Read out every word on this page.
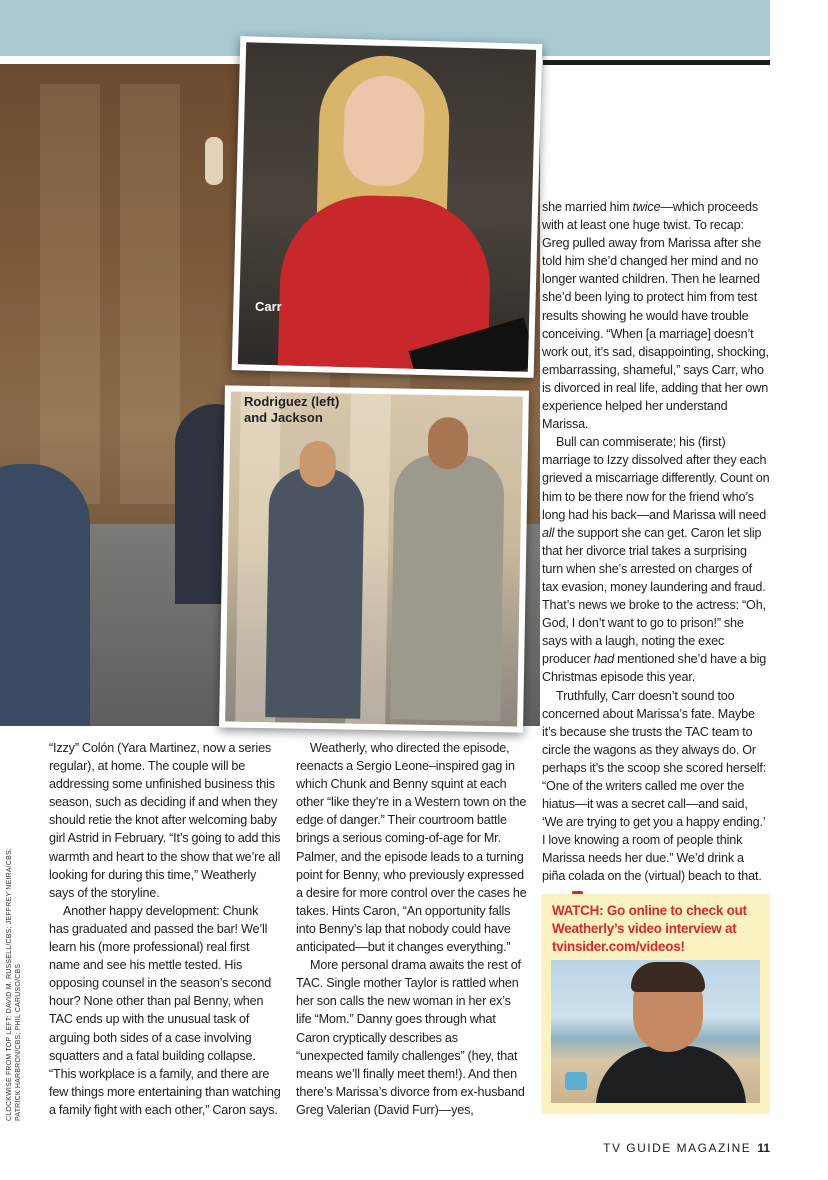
Carr
Rodriguez (left) and Jackson

“Izzy” Colón (Yara Martinez, now a series regular), at home. The couple will be addressing some unfinished business this season, such as deciding if and when they should retie the knot after welcoming baby girl Astrid in February. “It’s going to add this warmth and heart to the show that we’re all looking for during this time,” Weatherly says of the storyline.

Another happy development: Chunk has graduated and passed the bar! We’ll learn his (more professional) real first name and see his mettle tested. His opposing counsel in the season’s second hour? None other than pal Benny, when TAC ends up with the unusual task of arguing both sides of a case involving squatters and a fatal building collapse. “This workplace is a family, and there are few things more entertaining than watching a family fight with each other,” Caron says.

Weatherly, who directed the episode, reenacts a Sergio Leone–inspired gag in which Chunk and Benny squint at each other “like they’re in a Western town on the edge of danger.” Their courtroom battle brings a serious coming-of-age for Mr. Palmer, and the episode leads to a turning point for Benny, who previously expressed a desire for more control over the cases he takes. Hints Caron, “An opportunity falls into Benny’s lap that nobody could have anticipated—but it changes everything.”

More personal drama awaits the rest of TAC. Single mother Taylor is rattled when her son calls the new woman in her ex’s life “Mom.” Danny goes through what Caron cryptically describes as “unexpected family challenges” (hey, that means we’ll finally meet them!). And then there’s Marissa’s divorce from ex-husband Greg Valerian (David Furr)—yes,

she married him twice—which proceeds with at least one huge twist. To recap: Greg pulled away from Marissa after she told him she’d changed her mind and no longer wanted children. Then he learned she’d been lying to protect him from test results showing he would have trouble conceiving. “When [a marriage] doesn’t work out, it’s sad, disappointing, shocking, embarrassing, shameful,” says Carr, who is divorced in real life, adding that her own experience helped her understand Marissa.

Bull can commiserate; his (first) marriage to Izzy dissolved after they each grieved a miscarriage differently. Count on him to be there now for the friend who’s long had his back—and Marissa will need all the support she can get. Caron let slip that her divorce trial takes a surprising turn when she’s arrested on charges of tax evasion, money laundering and fraud. That’s news we broke to the actress: “Oh, God, I don’t want to go to prison!” she says with a laugh, noting the exec producer had mentioned she’d have a big Christmas episode this year.

Truthfully, Carr doesn’t sound too concerned about Marissa’s fate. Maybe it’s because she trusts the TAC team to circle the wagons as they always do. Or perhaps it’s the scoop she scored herself: “One of the writers called me over the hiatus—it was a secret call—and said, ‘We are trying to get you a happy ending.’ I love knowing a room of people think Marissa needs her due.” We’d drink a piña colada on the (virtual) beach to that.

CLOCKWISE FROM TOP LEFT: DAVID M. RUSSELL/CBS; JEFFREY NEIRA/CBS; PATRICK HARBRON/CBS; PHIL CARUSO/CBS
WATCH: Go online to check out Weatherly’s video interview at tvinsider.com/videos!
TV GUIDE MAGAZINE 11
